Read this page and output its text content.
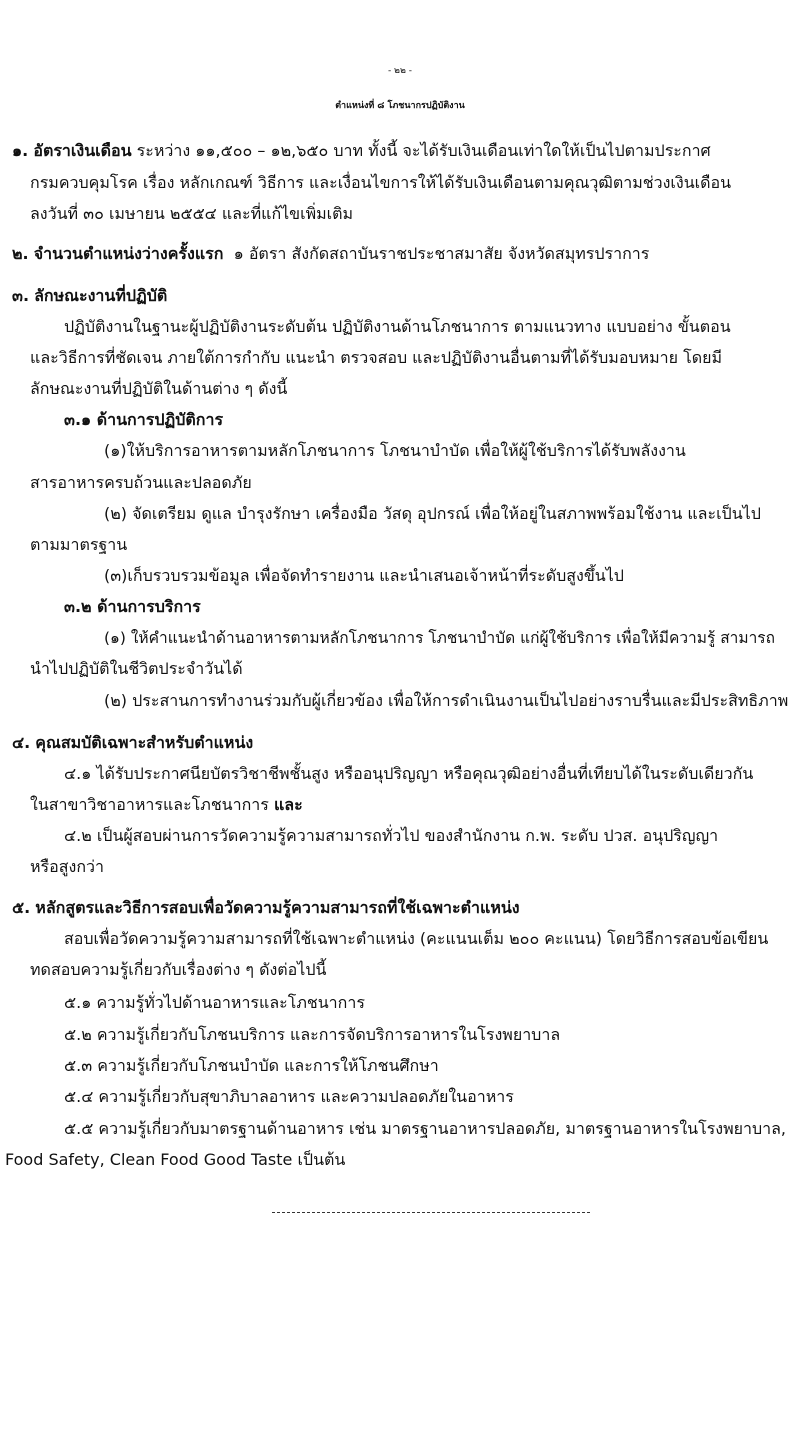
- ๒๒ -
ตำแหน่งที่ ๘ โภชนากรปฏิบัติงาน
๑. อัตราเงินเดือน ระหว่าง ๑๑,๕๐๐ – ๑๒,๖๕๐ บาท ทั้งนี้ จะได้รับเงินเดือนเท่าใดให้เป็นไปตามประกาศ
กรมควบคุมโรค เรื่อง หลักเกณฑ์ วิธีการ และเงื่อนไขการให้ได้รับเงินเดือนตามคุณวุฒิตามช่วงเงินเดือน
ลงวันที่ ๓๐ เมษายน ๒๕๕๔ และที่แก้ไขเพิ่มเติม
๒. จำนวนตำแหน่งว่างครั้งแรก ๑ อัตรา สังกัดสถาบันราชประชาสมาสัย จังหวัดสมุทรปราการ
๓. ลักษณะงานที่ปฏิบัติ
ปฏิบัติงานในฐานะผู้ปฏิบัติงานระดับต้น ปฏิบัติงานด้านโภชนาการ ตามแนวทาง แบบอย่าง ขั้นตอน
และวิธีการที่ชัดเจน ภายใต้การกำกับ แนะนำ ตรวจสอบ และปฏิบัติงานอื่นตามที่ได้รับมอบหมาย โดยมี
ลักษณะงานที่ปฏิบัติในด้านต่าง ๆ ดังนี้
๓.๑ ด้านการปฏิบัติการ
(๑)ให้บริการอาหารตามหลักโภชนาการ โภชนาบำบัด เพื่อให้ผู้ใช้บริการได้รับพลังงาน
สารอาหารครบถ้วนและปลอดภัย
(๒) จัดเตรียม ดูแล บำรุงรักษา เครื่องมือ วัสดุ อุปกรณ์ เพื่อให้อยู่ในสภาพพร้อมใช้งาน และเป็นไป
ตามมาตรฐาน
(๓)เก็บรวบรวมข้อมูล เพื่อจัดทำรายงาน และนำเสนอเจ้าหน้าที่ระดับสูงขึ้นไป
๓.๒ ด้านการบริการ
(๑) ให้คำแนะนำด้านอาหารตามหลักโภชนาการ โภชนาบำบัด แก่ผู้ใช้บริการ เพื่อให้มีความรู้ สามารถ
นำไปปฏิบัติในชีวิตประจำวันได้
(๒) ประสานการทำงานร่วมกับผู้เกี่ยวข้อง เพื่อให้การดำเนินงานเป็นไปอย่างราบรื่นและมีประสิทธิภาพ
๔. คุณสมบัติเฉพาะสำหรับตำแหน่ง
๔.๑ ได้รับประกาศนียบัตรวิชาชีพชั้นสูง หรืออนุปริญญา หรือคุณวุฒิอย่างอื่นที่เทียบได้ในระดับเดียวกัน
ในสาขาวิชาอาหารและโภชนาการ และ
๔.๒ เป็นผู้สอบผ่านการวัดความรู้ความสามารถทั่วไป ของสำนักงาน ก.พ. ระดับ ปวส. อนุปริญญา
หรือสูงกว่า
๕. หลักสูตรและวิธีการสอบเพื่อวัดความรู้ความสามารถที่ใช้เฉพาะตำแหน่ง
สอบเพื่อวัดความรู้ความสามารถที่ใช้เฉพาะตำแหน่ง (คะแนนเต็ม ๒๐๐ คะแนน) โดยวิธีการสอบข้อเขียน
ทดสอบความรู้เกี่ยวกับเรื่องต่าง ๆ ดังต่อไปนี้
๕.๑ ความรู้ทั่วไปด้านอาหารและโภชนาการ
๕.๒ ความรู้เกี่ยวกับโภชนบริการ และการจัดบริการอาหารในโรงพยาบาล
๕.๓ ความรู้เกี่ยวกับโภชนบำบัด และการให้โภชนศึกษา
๕.๔ ความรู้เกี่ยวกับสุขาภิบาลอาหาร และความปลอดภัยในอาหาร
๕.๕ ความรู้เกี่ยวกับมาตรฐานด้านอาหาร เช่น มาตรฐานอาหารปลอดภัย, มาตรฐานอาหารในโรงพยาบาล,
Food Safety, Clean Food Good Taste เป็นต้น
